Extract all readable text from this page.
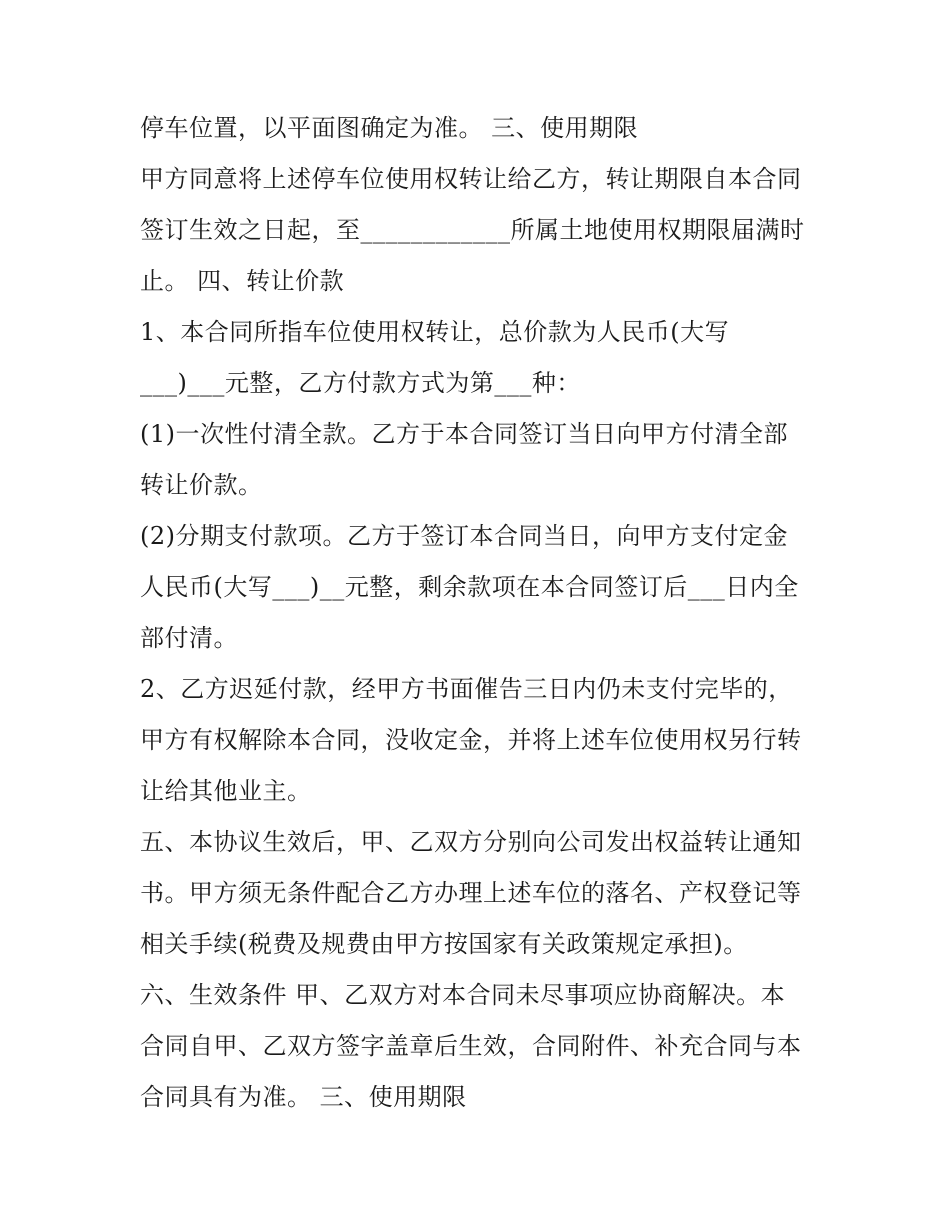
停车位置，以平面图确定为准。 三、使用期限
甲方同意将上述停车位使用权转让给乙方，转让期限自本合同
签订生效之日起，至____________所属土地使用权期限届满时
止。 四、转让价款
1、本合同所指车位使用权转让，总价款为人民币(大写
___)___元整，乙方付款方式为第___种：
(1)一次性付清全款。乙方于本合同签订当日向甲方付清全部
转让价款。
(2)分期支付款项。乙方于签订本合同当日，向甲方支付定金
人民币(大写___)__元整，剩余款项在本合同签订后___日内全
部付清。
2、乙方迟延付款，经甲方书面催告三日内仍未支付完毕的，
甲方有权解除本合同，没收定金，并将上述车位使用权另行转
让给其他业主。
五、本协议生效后，甲、乙双方分别向公司发出权益转让通知
书。甲方须无条件配合乙方办理上述车位的落名、产权登记等
相关手续(税费及规费由甲方按国家有关政策规定承担)。
六、生效条件 甲、乙双方对本合同未尽事项应协商解决。本
合同自甲、乙双方签字盖章后生效，合同附件、补充合同与本
合同具有为准。 三、使用期限
